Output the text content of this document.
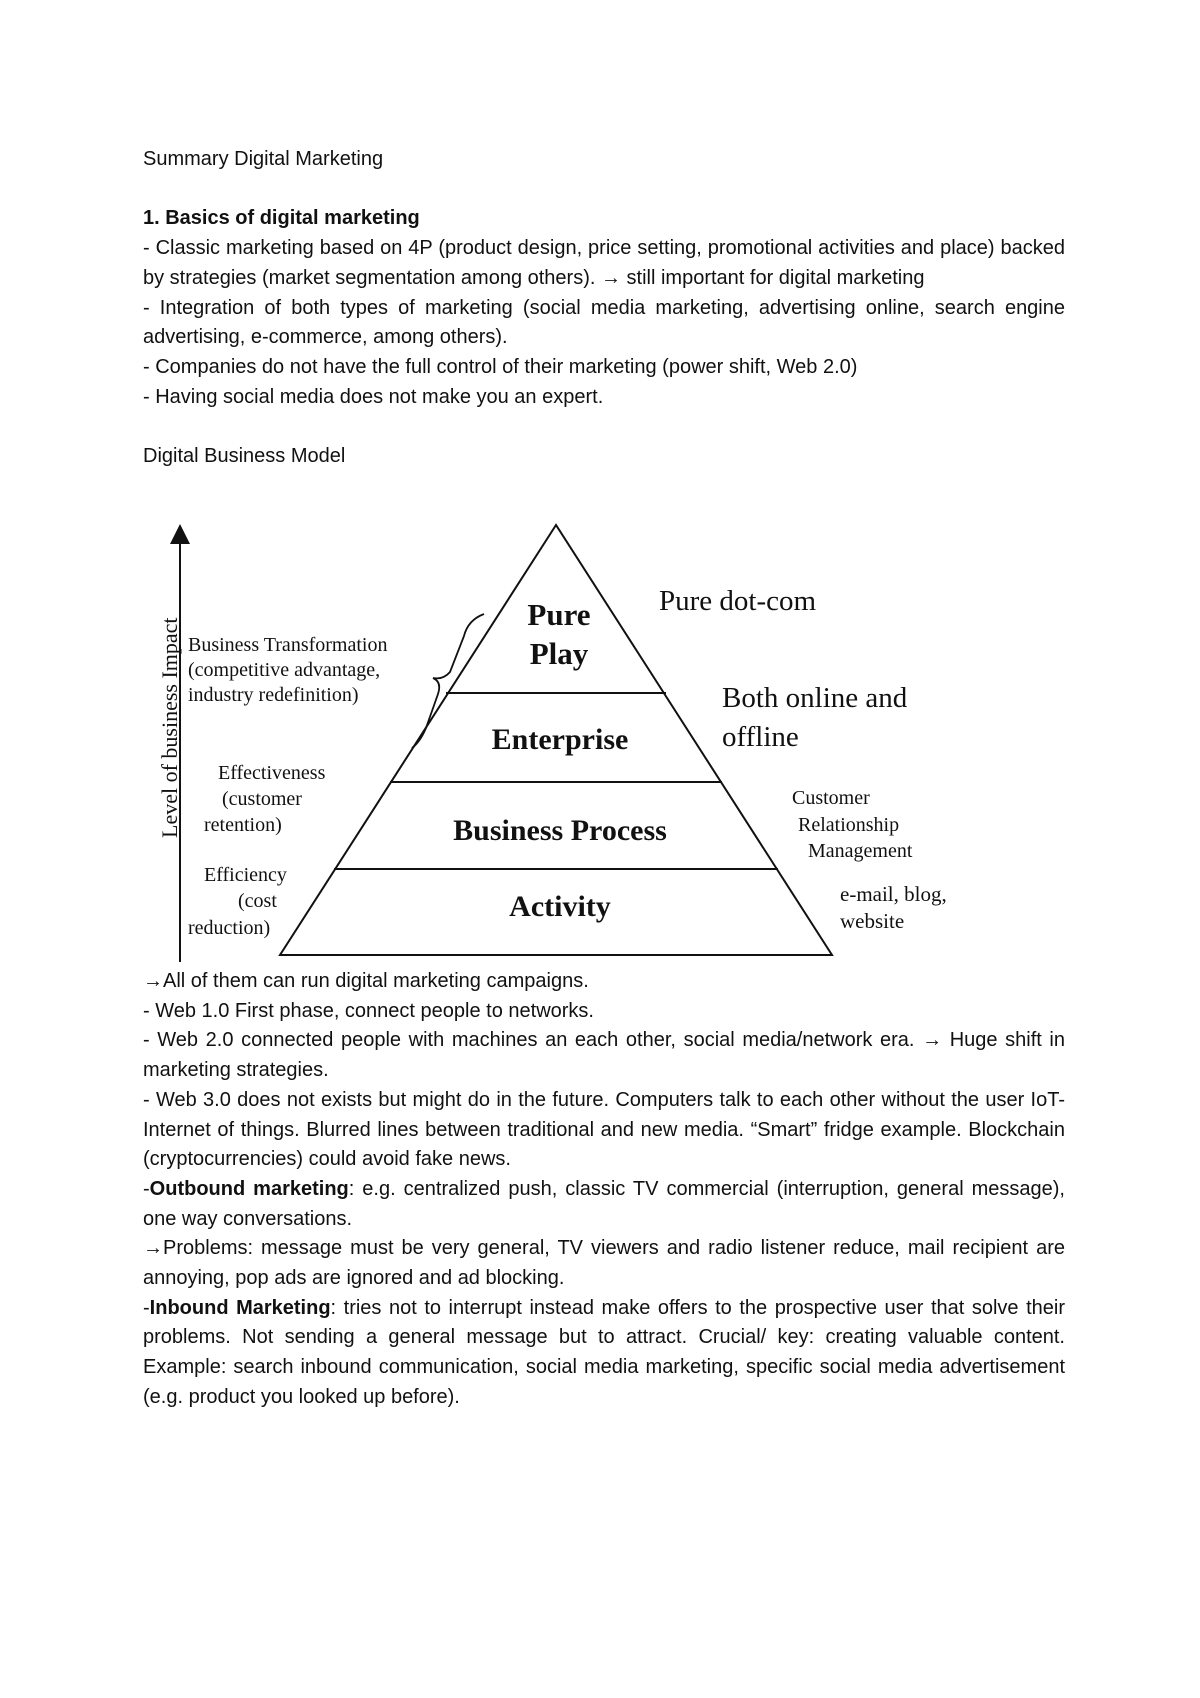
Summary Digital Marketing

1. Basics of digital marketing

- Classic marketing based on 4P (product design, price setting, promotional activities and place) backed by strategies (market segmentation among others). → still important for digital marketing

- Integration of both types of marketing (social media marketing, advertising online, search engine advertising, e-commerce, among others).

- Companies do not have the full control of their marketing (power shift, Web 2.0)

- Having social media does not make you an expert.

Digital Business Model

Level of business Impact
Pure
Play
Enterprise
Business Process
Activity
Business Transformation (competitive advantage, industry redefinition)
Effectiveness (customer retention)
Efficiency (cost reduction)
Pure dot-com
Both online and offline
Customer Relationship Management
e-mail, blog, website

→All of them can run digital marketing campaigns.

- Web 1.0 First phase, connect people to networks.

- Web 2.0 connected people with machines an each other, social media/network era. → Huge shift in marketing strategies.

- Web 3.0 does not exists but might do in the future. Computers talk to each other without the user IoT- Internet of things. Blurred lines between traditional and new media. “Smart” fridge example. Blockchain (cryptocurrencies) could avoid fake news.

-Outbound marketing: e.g. centralized push, classic TV commercial (interruption, general message), one way conversations.

→Problems: message must be very general, TV viewers and radio listener reduce, mail recipient are annoying, pop ads are ignored and ad blocking.

-Inbound Marketing: tries not to interrupt instead make offers to the prospective user that solve their problems. Not sending a general message but to attract. Crucial/ key: creating valuable content. Example: search inbound communication, social media marketing, specific social media advertisement (e.g. product you looked up before).
